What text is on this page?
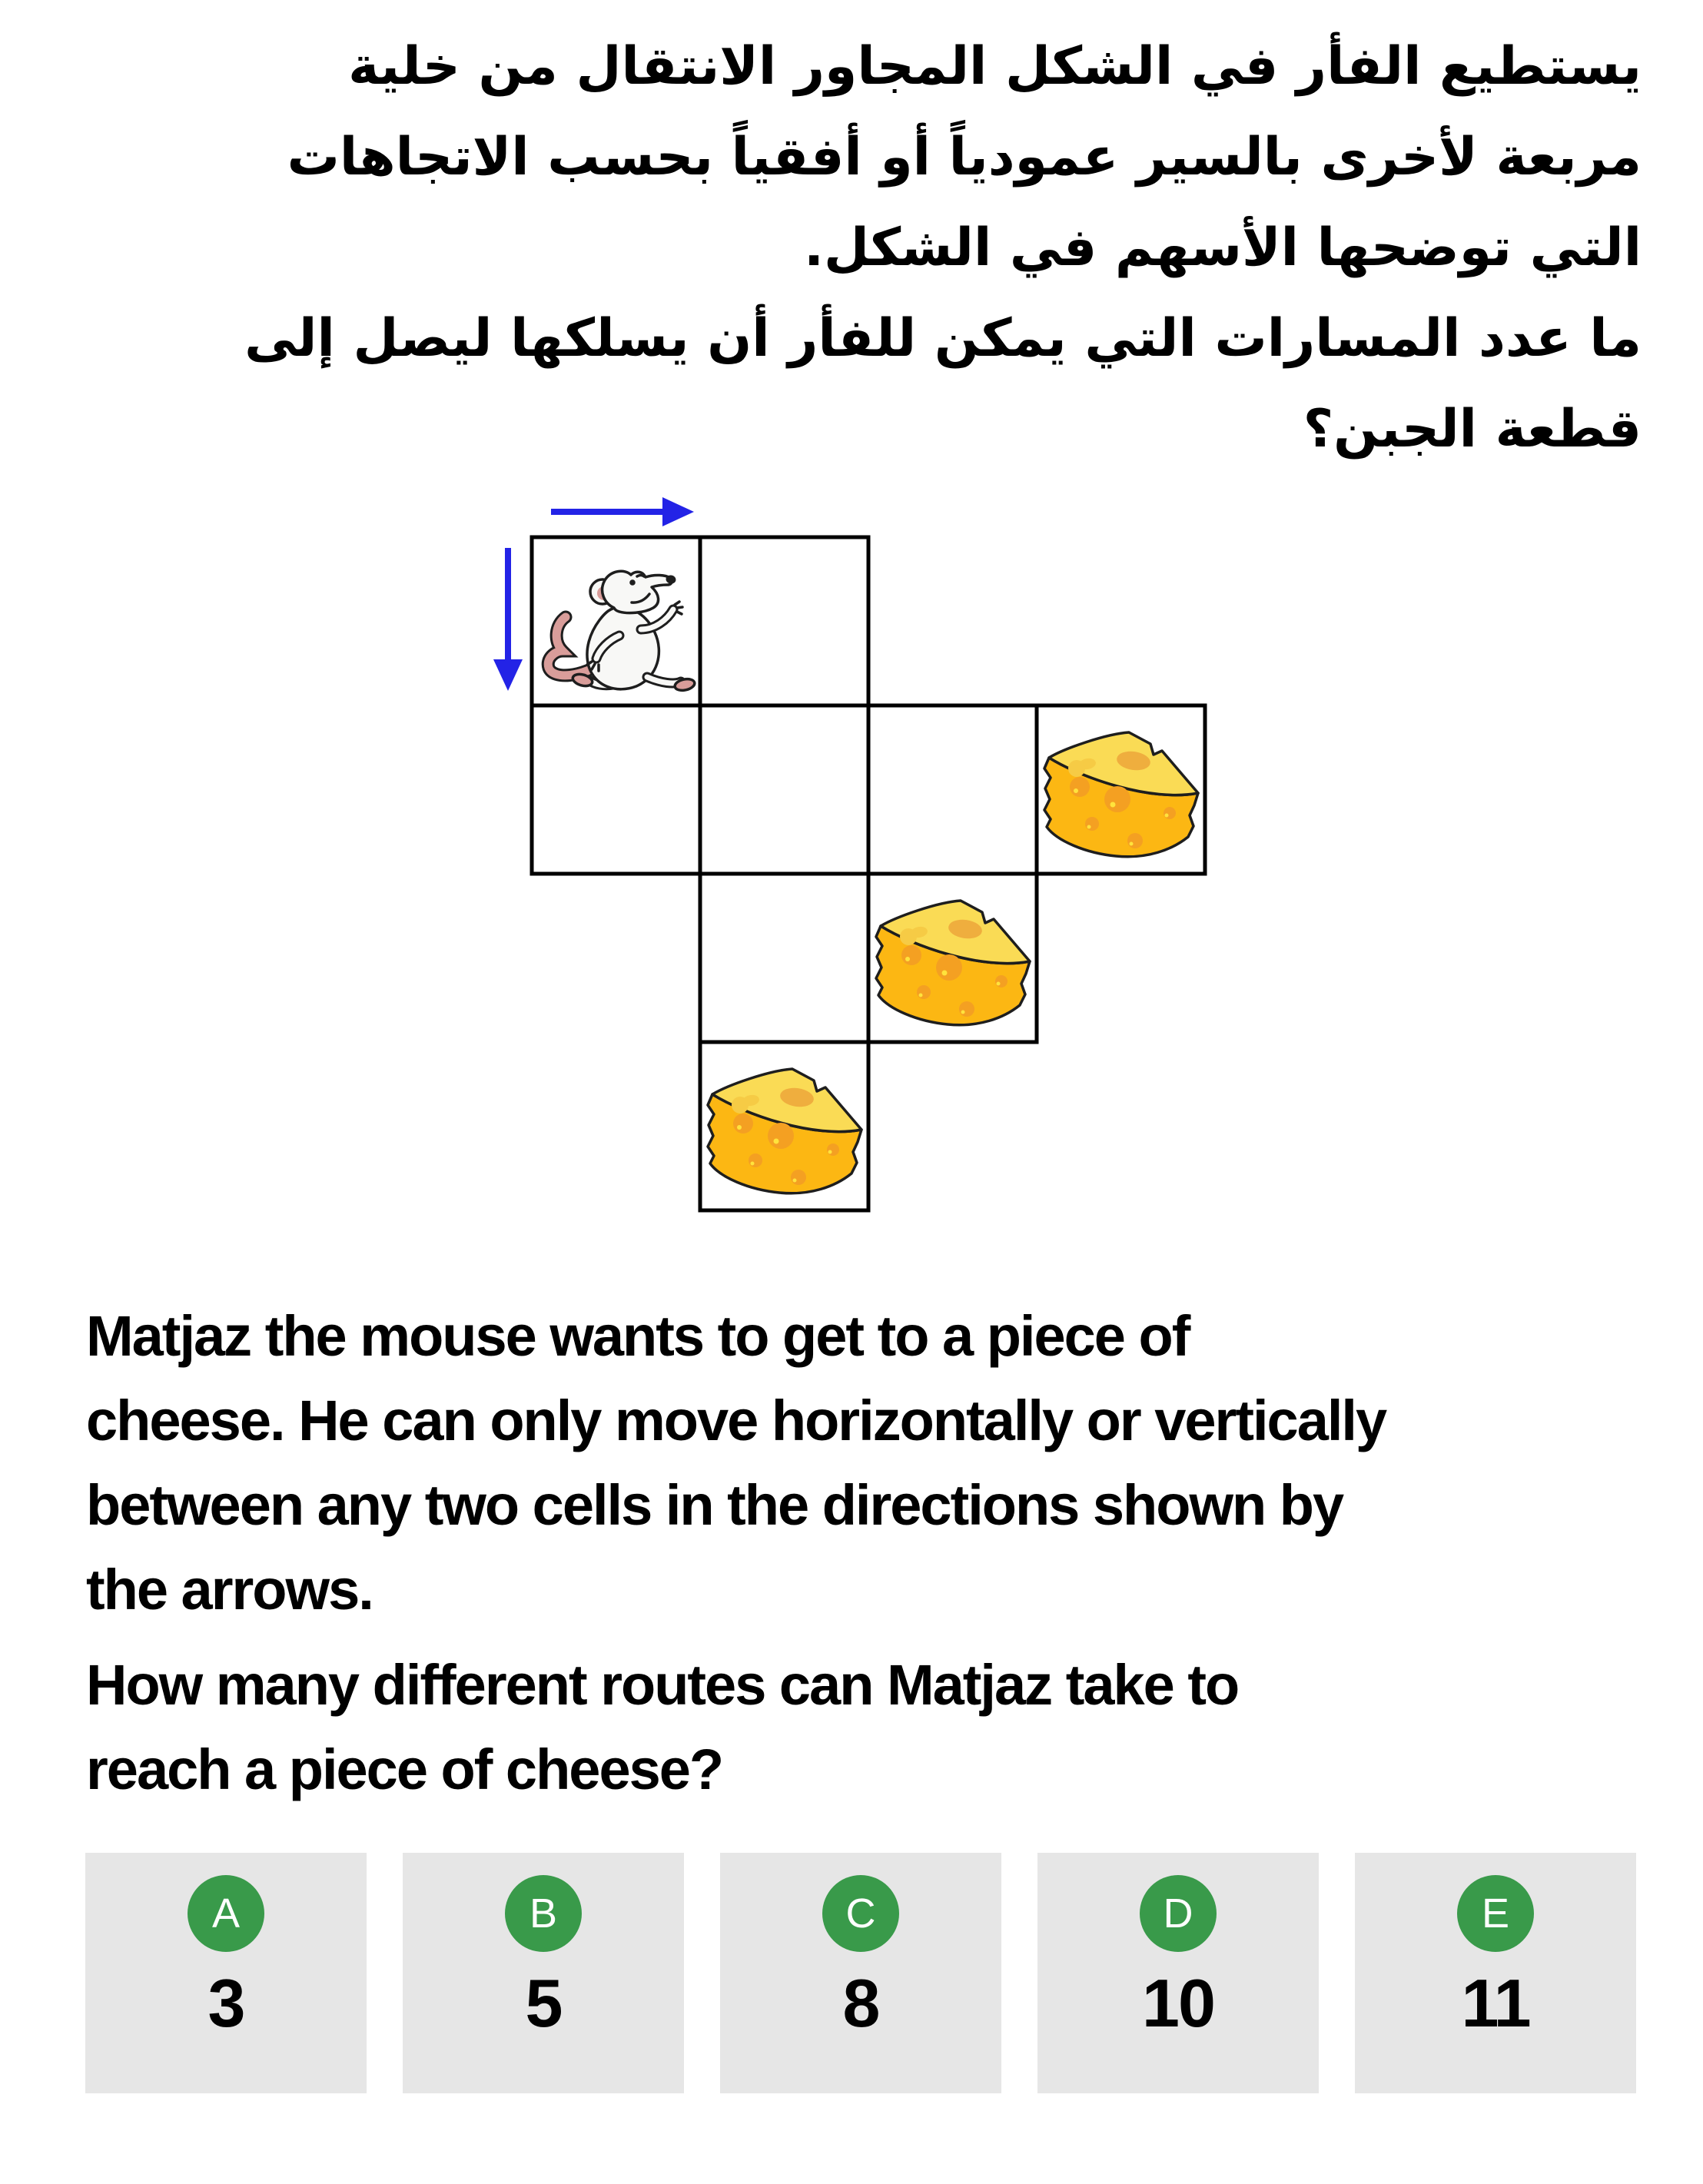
يستطيع الفأر في الشكل المجاور الانتقال من خلية
مربعة لأخرى بالسير عمودياً أو أفقياً بحسب الاتجاهات
التي توضحها الأسهم في الشكل.
ما عدد المسارات التي يمكن للفأر أن يسلكها ليصل إلى
قطعة الجبن؟
Matjaz the mouse wants to get to a piece of
cheese. He can only move horizontally or vertically
between any two cells in the directions shown by
the arrows.
How many different routes can Matjaz take to
reach a piece of cheese?
A
3
B
5
C
8
D
10
E
11
